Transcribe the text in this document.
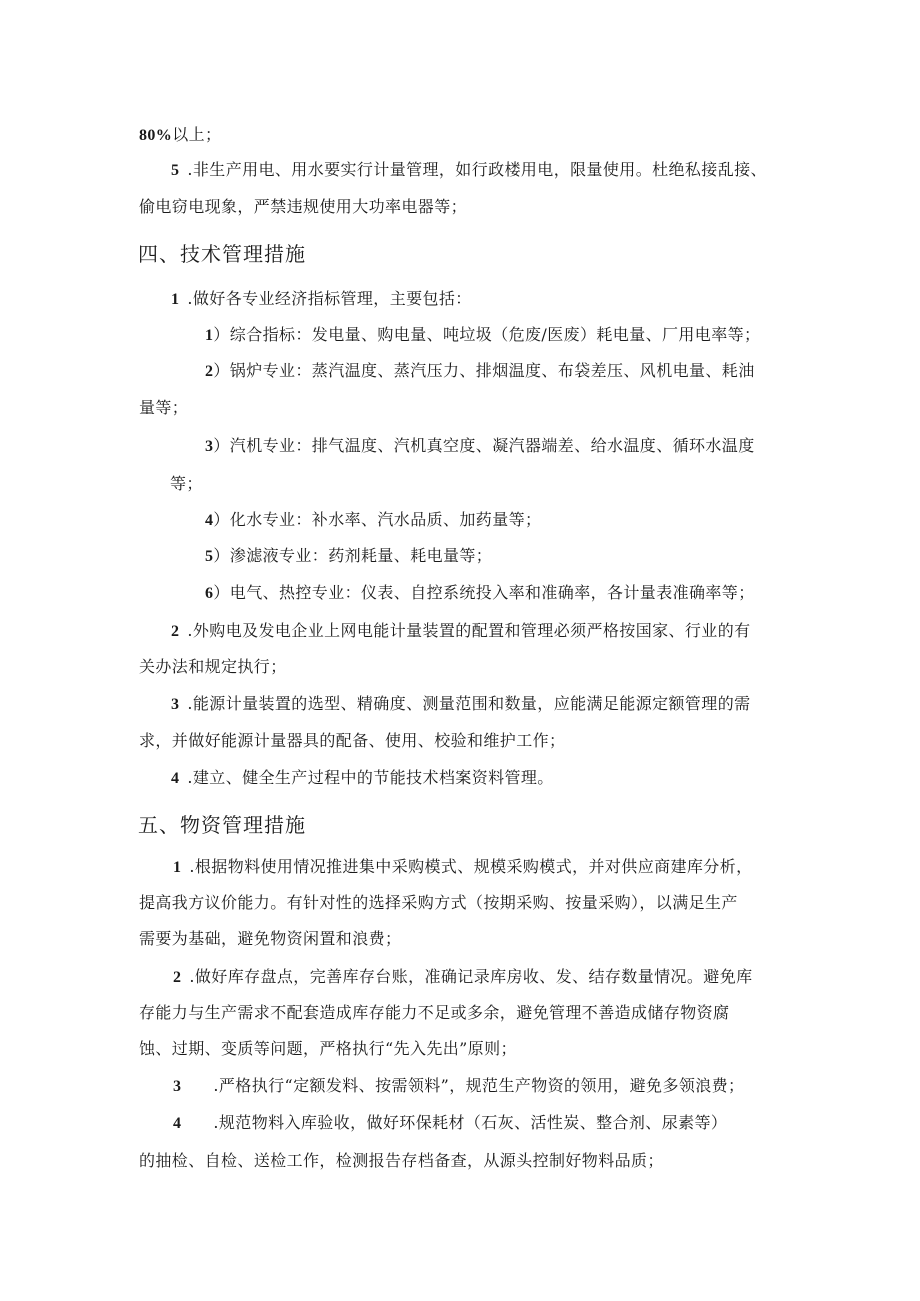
80%以上；
5 .非生产用电、用水要实行计量管理，如行政楼用电，限量使用。杜绝私接乱接、
偷电窃电现象，严禁违规使用大功率电器等；
四、技术管理措施
1 .做好各专业经济指标管理，主要包括：
1）综合指标：发电量、购电量、吨垃圾（危废/医废）耗电量、厂用电率等；
2）锅炉专业：蒸汽温度、蒸汽压力、排烟温度、布袋差压、风机电量、耗油
量等；
3）汽机专业：排气温度、汽机真空度、凝汽器端差、给水温度、循环水温度
等；
4）化水专业：补水率、汽水品质、加药量等；
5）渗滤液专业：药剂耗量、耗电量等；
6）电气、热控专业：仪表、自控系统投入率和准确率，各计量表准确率等；
2 .外购电及发电企业上网电能计量装置的配置和管理必须严格按国家、行业的有
关办法和规定执行；
3 .能源计量装置的选型、精确度、测量范围和数量，应能满足能源定额管理的需
求，并做好能源计量器具的配备、使用、校验和维护工作；
4 .建立、健全生产过程中的节能技术档案资料管理。
五、物资管理措施
1 .根据物料使用情况推进集中采购模式、规模采购模式，并对供应商建库分析，
提高我方议价能力。有针对性的选择采购方式（按期采购、按量采购），以满足生产
需要为基础，避免物资闲置和浪费；
2 .做好库存盘点，完善库存台账，准确记录库房收、发、结存数量情况。避免库
存能力与生产需求不配套造成库存能力不足或多余，避免管理不善造成储存物资腐
蚀、过期、变质等问题，严格执行“先入先出”原则；
3 .严格执行“定额发料、按需领料”，规范生产物资的领用，避免多领浪费；
4 .规范物料入库验收，做好环保耗材（石灰、活性炭、整合剂、尿素等）
的抽检、自检、送检工作，检测报告存档备查，从源头控制好物料品质；
